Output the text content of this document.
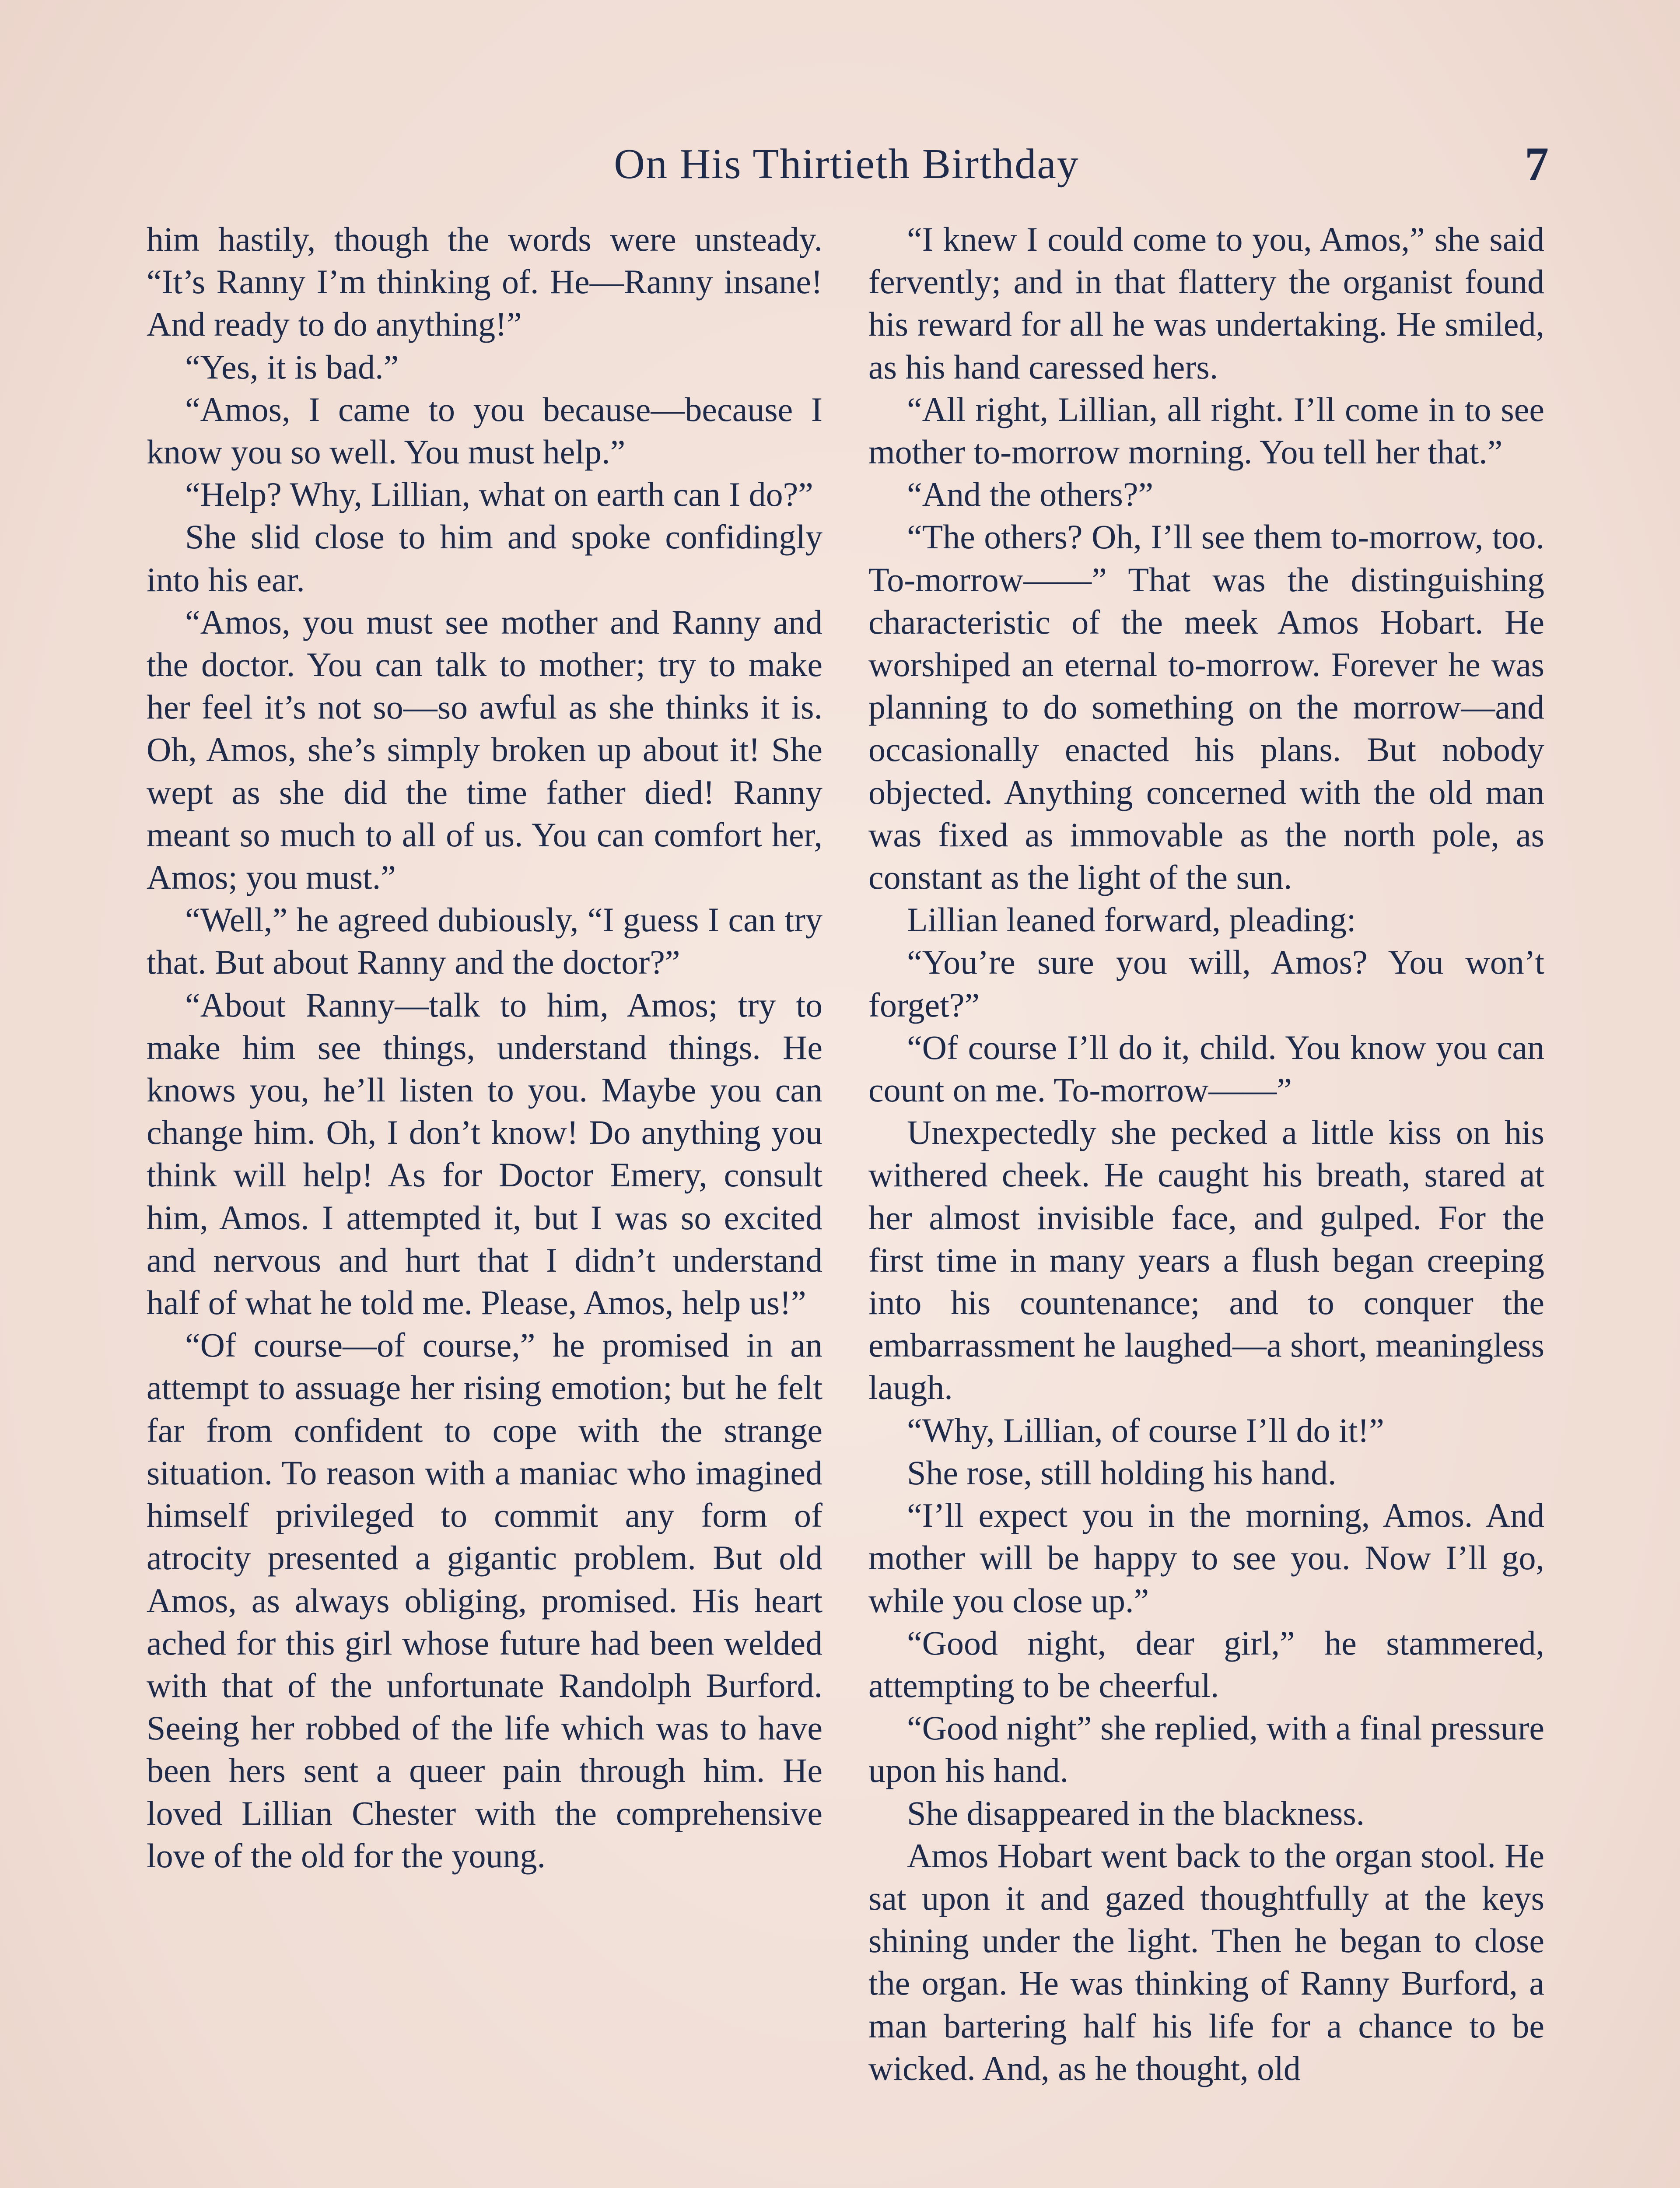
On His Thirtieth Birthday	7

him hastily, though the words were unsteady. “It’s Ranny I’m thinking of. He—Ranny insane! And ready to do anything!”

“Yes, it is bad.”

“Amos, I came to you because—because I know you so well. You must help.”

“Help? Why, Lillian, what on earth can I do?”

She slid close to him and spoke confidingly into his ear.

“Amos, you must see mother and Ranny and the doctor. You can talk to mother; try to make her feel it’s not so—so awful as she thinks it is. Oh, Amos, she’s simply broken up about it! She wept as she did the time father died! Ranny meant so much to all of us. You can comfort her, Amos; you must.”

“Well,” he agreed dubiously, “I guess I can try that. But about Ranny and the doctor?”

“About Ranny—talk to him, Amos; try to make him see things, understand things. He knows you, he’ll listen to you. Maybe you can change him. Oh, I don’t know! Do anything you think will help! As for Doctor Emery, consult him, Amos. I attempted it, but I was so excited and nervous and hurt that I didn’t understand half of what he told me. Please, Amos, help us!”

“Of course—of course,” he promised in an attempt to assuage her rising emotion; but he felt far from confident to cope with the strange situation. To reason with a maniac who imagined himself privileged to commit any form of atrocity presented a gigantic problem. But old Amos, as always obliging, promised. His heart ached for this girl whose future had been welded with that of the unfortunate Randolph Burford. Seeing her robbed of the life which was to have been hers sent a queer pain through him. He loved Lillian Chester with the comprehensive love of the old for the young.

“I knew I could come to you, Amos,” she said fervently; and in that flattery the organist found his reward for all he was undertaking. He smiled, as his hand caressed hers.

“All right, Lillian, all right. I’ll come in to see mother to-morrow morning. You tell her that.”

“And the others?”

“The others? Oh, I’ll see them to-morrow, too. To-morrow——” That was the distinguishing characteristic of the meek Amos Hobart. He worshiped an eternal to-morrow. Forever he was planning to do something on the morrow—and occasionally enacted his plans. But nobody objected. Anything concerned with the old man was fixed as immovable as the north pole, as constant as the light of the sun.

Lillian leaned forward, pleading:

“You’re sure you will, Amos? You won’t forget?”

“Of course I’ll do it, child. You know you can count on me. To-morrow——”

Unexpectedly she pecked a little kiss on his withered cheek. He caught his breath, stared at her almost invisible face, and gulped. For the first time in many years a flush began creeping into his countenance; and to conquer the embarrassment he laughed—a short, meaningless laugh.

“Why, Lillian, of course I’ll do it!”

She rose, still holding his hand.

“I’ll expect you in the morning, Amos. And mother will be happy to see you. Now I’ll go, while you close up.”

“Good night, dear girl,” he stammered, attempting to be cheerful.

“Good night” she replied, with a final pressure upon his hand.

She disappeared in the blackness.

Amos Hobart went back to the organ stool. He sat upon it and gazed thoughtfully at the keys shining under the light. Then he began to close the organ. He was thinking of Ranny Burford, a man bartering half his life for a chance to be wicked. And, as he thought, old
